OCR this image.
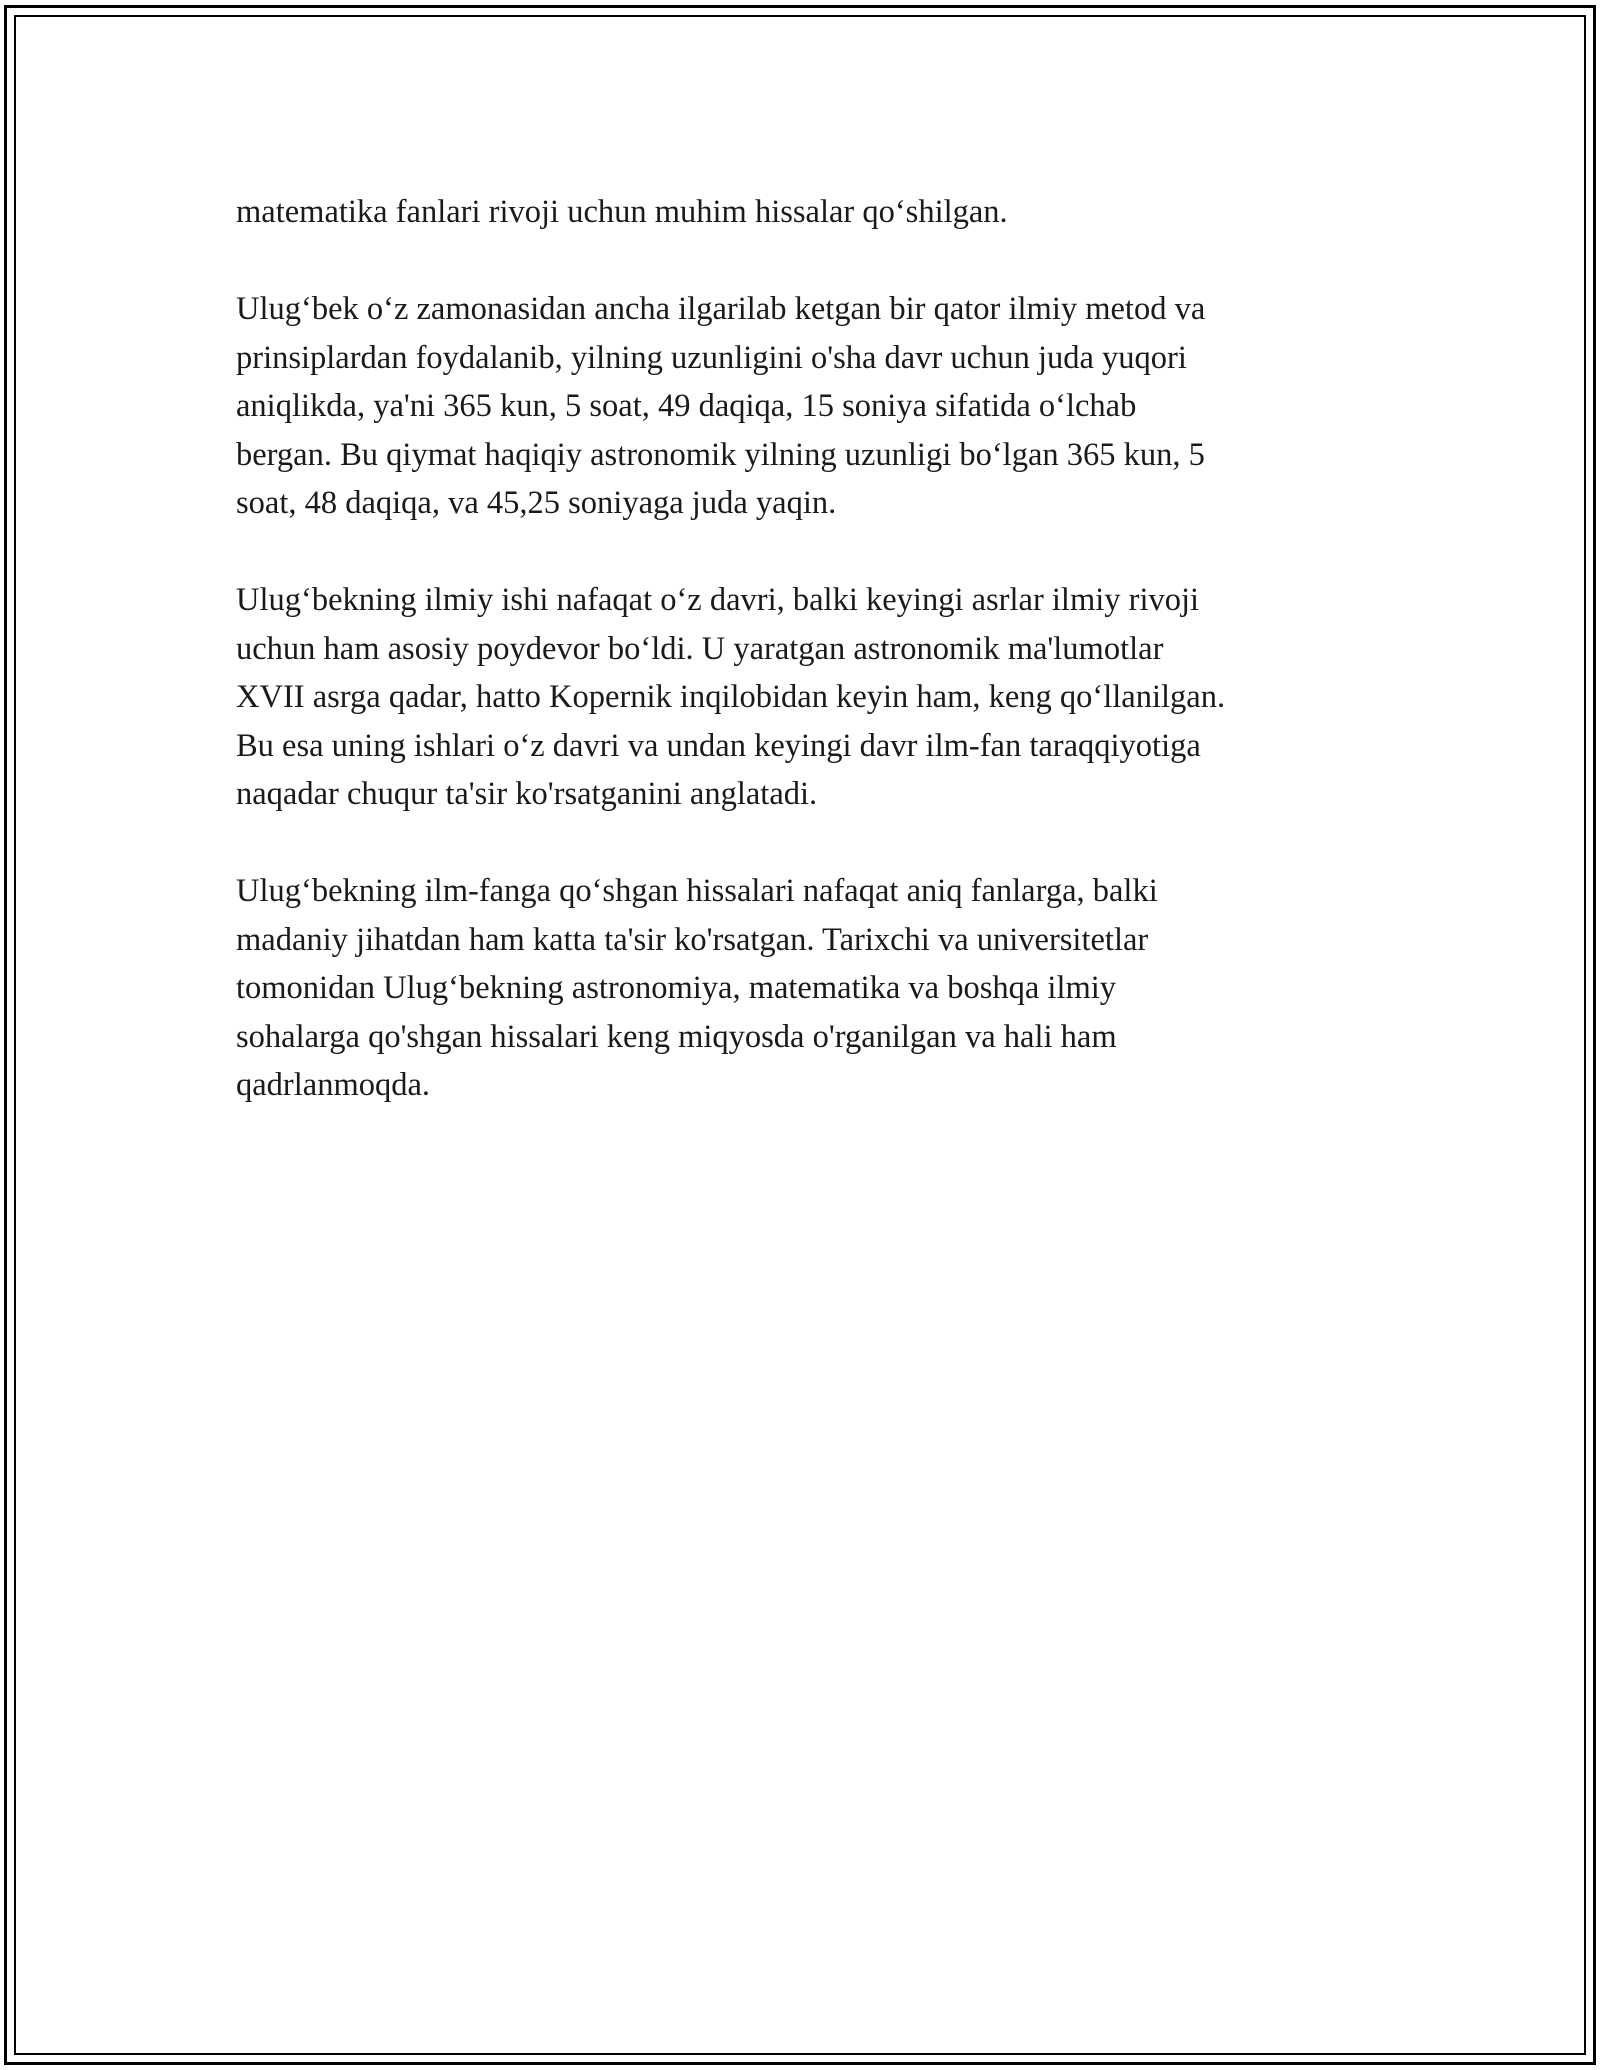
matematika fanlari rivoji uchun muhim hissalar qo‘shilgan.
Ulug‘bek o‘z zamonasidan ancha ilgarilab ketgan bir qator ilmiy metod va
prinsiplardan foydalanib, yilning uzunligini o'sha davr uchun juda yuqori
aniqlikda, ya'ni 365 kun, 5 soat, 49 daqiqa, 15 soniya sifatida o‘lchab
bergan. Bu qiymat haqiqiy astronomik yilning uzunligi bo‘lgan 365 kun, 5
soat, 48 daqiqa, va 45,25 soniyaga juda yaqin.
Ulug‘bekning ilmiy ishi nafaqat o‘z davri, balki keyingi asrlar ilmiy rivoji
uchun ham asosiy poydevor bo‘ldi. U yaratgan astronomik ma'lumotlar
XVII asrga qadar, hatto Kopernik inqilobidan keyin ham, keng qo‘llanilgan.
Bu esa uning ishlari o‘z davri va undan keyingi davr ilm-fan taraqqiyotiga
naqadar chuqur ta'sir ko'rsatganini anglatadi.
Ulug‘bekning ilm-fanga qo‘shgan hissalari nafaqat aniq fanlarga, balki
madaniy jihatdan ham katta ta'sir ko'rsatgan. Tarixchi va universitetlar
tomonidan Ulug‘bekning astronomiya, matematika va boshqa ilmiy
sohalarga qo'shgan hissalari keng miqyosda o'rganilgan va hali ham
qadrlanmoqda.
